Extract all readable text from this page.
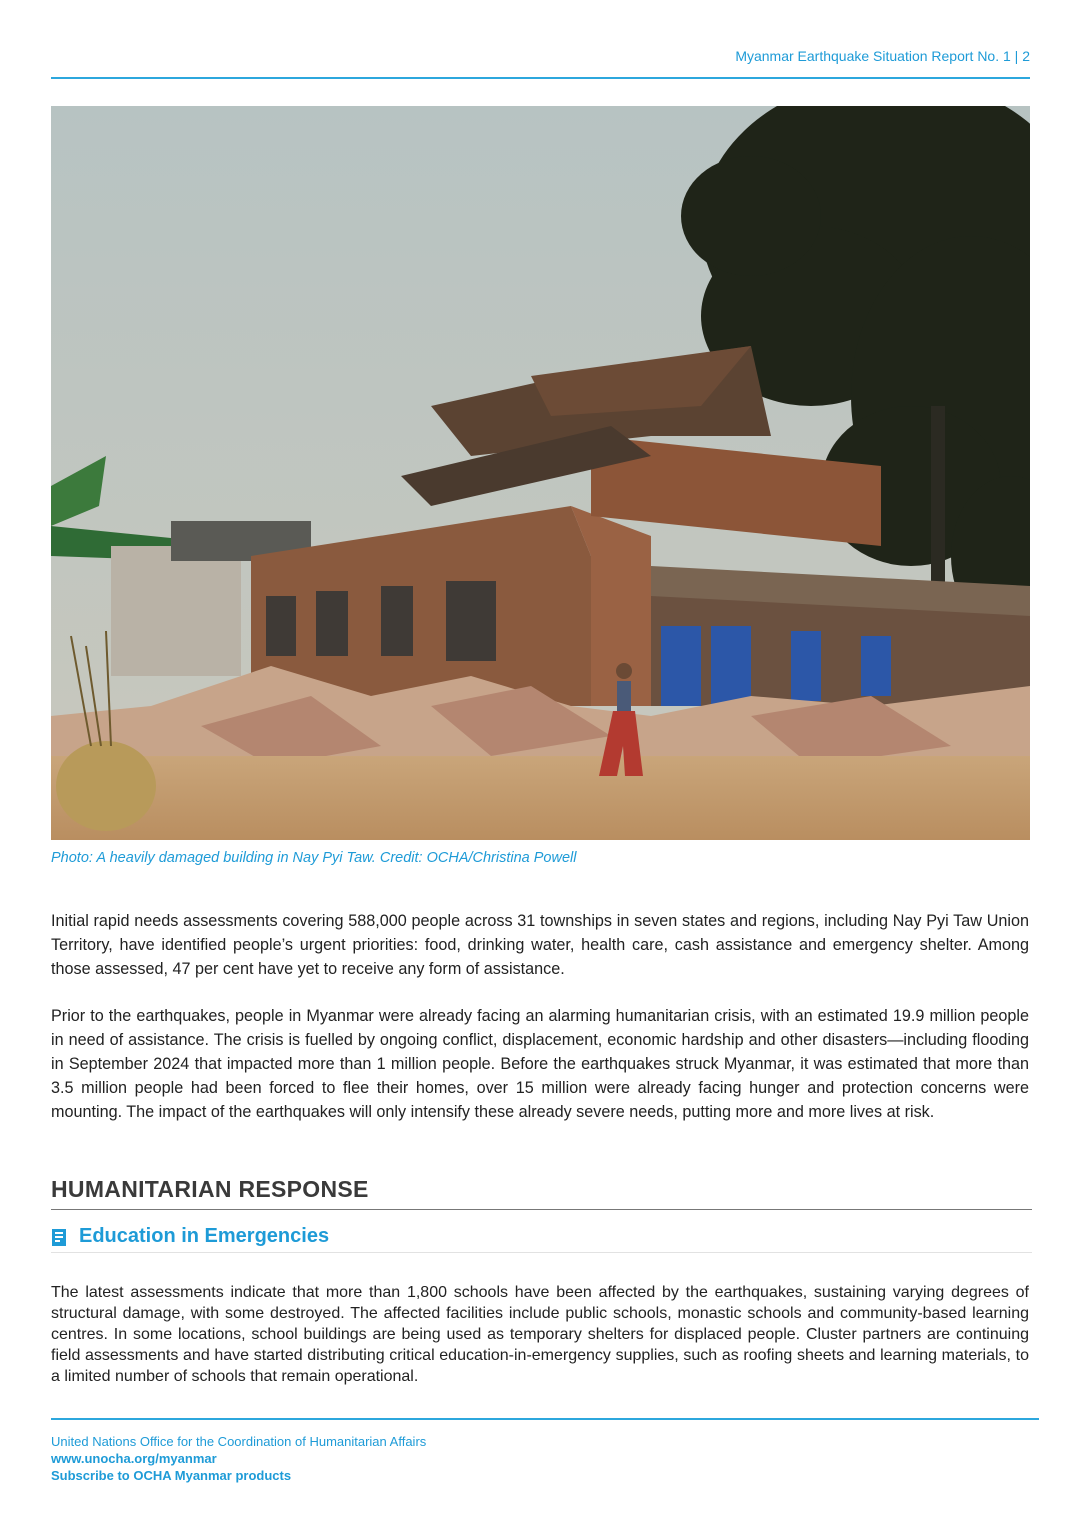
Myanmar Earthquake Situation Report No. 1 | 2
Photo: A heavily damaged building in Nay Pyi Taw. Credit: OCHA/Christina Powell

Initial rapid needs assessments covering 588,000 people across 31 townships in seven states and regions, including Nay Pyi Taw Union Territory, have identified people’s urgent priorities: food, drinking water, health care, cash assistance and emergency shelter. Among those assessed, 47 per cent have yet to receive any form of assistance.

Prior to the earthquakes, people in Myanmar were already facing an alarming humanitarian crisis, with an estimated 19.9 million people in need of assistance. The crisis is fuelled by ongoing conflict, displacement, economic hardship and other disasters—including flooding in September 2024 that impacted more than 1 million people. Before the earthquakes struck Myanmar, it was estimated that more than 3.5 million people had been forced to flee their homes, over 15 million were already facing hunger and protection concerns were mounting. The impact of the earthquakes will only intensify these already severe needs, putting more and more lives at risk.

HUMANITARIAN RESPONSE
Education in Emergencies

The latest assessments indicate that more than 1,800 schools have been affected by the earthquakes, sustaining varying degrees of structural damage, with some destroyed. The affected facilities include public schools, monastic schools and community-based learning centres. In some locations, school buildings are being used as temporary shelters for displaced people. Cluster partners are continuing field assessments and have started distributing critical education-in-emergency supplies, such as roofing sheets and learning materials, to a limited number of schools that remain operational.

United Nations Office for the Coordination of Humanitarian Affairs
www.unocha.org/myanmar
Subscribe to OCHA Myanmar products
